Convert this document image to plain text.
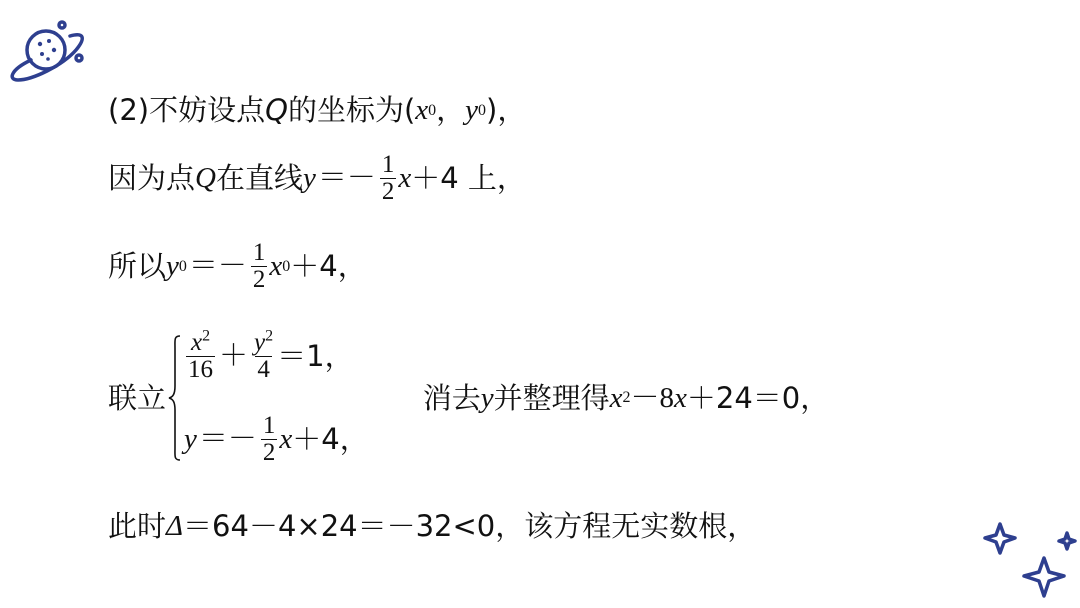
(2) 不妨设点 Q 的坐标为( x 0 ， y 0 )，
因为点 Q 在直线 $y =- \frac{1}{2}$ x ＋4 上，
所以 y $0 =- \frac{1}{2}$ x 0 ＋4，
联立
$\frac{x^2}{16} + \frac{y^2}{4} =1$，
$y =- \frac{1}{2}$ x ＋4，
消去 y 并整理得 x 2 －8 x ＋24＝0，
此时 Δ ＝64－4×24＝－32<0，该方程无实数根，
